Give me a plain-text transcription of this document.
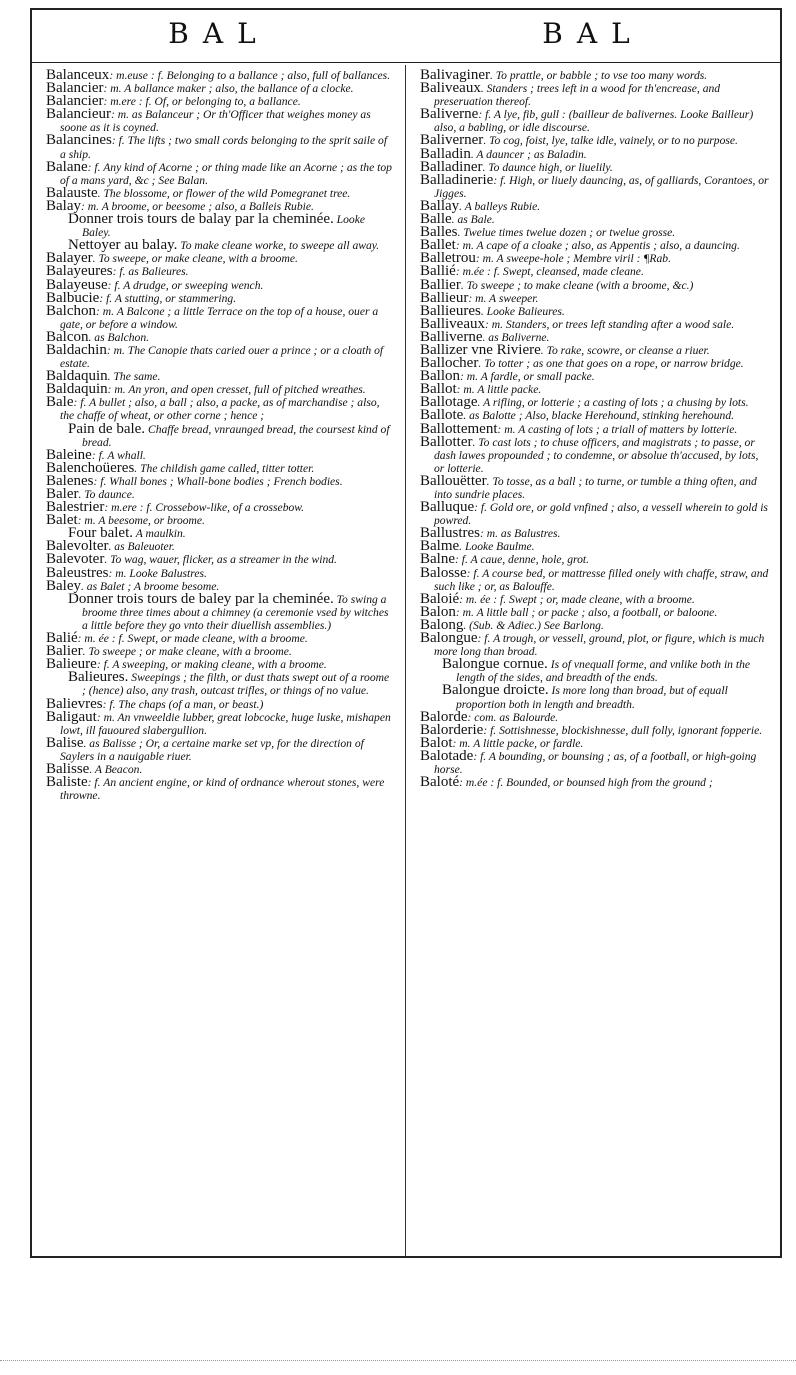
BAL	BAL

Balanceux: m.euse : f. Belonging to a ballance ; also, full of ballances.

Balancier: m. A ballance maker ; also, the ballance of a clocke.

Balancier: m.ere : f. Of, or belonging to, a ballance.

Balancieur: m. as Balanceur ; Or th'Officer that weighes money as soone as it is coyned.

Balancines: f. The lifts ; two small cords belonging to the sprit saile of a ship.

Balane: f. Any kind of Acorne ; or thing made like an Acorne ; as the top of a mans yard, &c ; See Balan.

Balauste. The blossome, or flower of the wild Pomegranet tree.

Balay: m. A broome, or beesome ; also, a Balleis Rubie.

Donner trois tours de balay par la cheminée. Looke Baley.

Nettoyer au balay. To make cleane worke, to sweepe all away.

Balayer. To sweepe, or make cleane, with a broome.

Balayeures: f. as Balieures.

Balayeuse: f. A drudge, or sweeping wench.

Balbucie: f. A stutting, or stammering.

Balchon: m. A Balcone ; a little Terrace on the top of a house, ouer a gate, or before a window.

Balcon. as Balchon.

Baldachin: m. The Canopie thats caried ouer a prince ; or a cloath of estate.

Baldaquin. The same.

Baldaquin: m. An yron, and open cresset, full of pitched wreathes.

Bale: f. A bullet ; also, a ball ; also, a packe, as of marchandise ; also, the chaffe of wheat, or other corne ; hence ;

Pain de bale. Chaffe bread, vnraunged bread, the coursest kind of bread.

Baleine: f. A whall.

Balenchoüeres. The childish game called, titter totter.

Balenes: f. Whall bones ; Whall-bone bodies ; French bodies.

Baler. To daunce.

Balestrier: m.ere : f. Crossebow-like, of a crossebow.

Balet: m. A beesome, or broome.

Four balet. A maulkin.

Balevolter. as Baleuoter.

Balevoter. To wag, wauer, flicker, as a streamer in the wind.

Baleustres: m. Looke Balustres.

Baley. as Balet ; A broome besome.

Donner trois tours de baley par la cheminée. To swing a broome three times about a chimney (a ceremonie vsed by witches a little before they go vnto their diuellish assemblies.)

Balié: m. ée : f. Swept, or made cleane, with a broome.

Balier. To sweepe ; or make cleane, with a broome.

Balieure: f. A sweeping, or making cleane, with a broome.

Balieures. Sweepings ; the filth, or dust thats swept out of a roome ; (hence) also, any trash, outcast trifles, or things of no value.

Balievres: f. The chaps (of a man, or beast.)

Baligaut: m. An vnweeldie lubber, great lobcocke, huge luske, mishapen lowt, ill fauoured slabergullion.

Balise. as Balisse ; Or, a certaine marke set vp, for the direction of Saylers in a nauigable riuer.

Balisse. A Beacon.

Baliste: f. An ancient engine, or kind of ordnance wherout stones, were throwne.

Balivaginer. To prattle, or babble ; to vse too many words.

Baliveaux. Standers ; trees left in a wood for th'encrease, and preseruation thereof.

Baliverne: f. A lye, fib, gull : (bailleur de balivernes. Looke Bailleur) also, a babling, or idle discourse.

Baliverner. To cog, foist, lye, talke idle, vainely, or to no purpose.

Balladin. A dauncer ; as Baladin.

Balladiner. To daunce high, or liuelily.

Balladinerie: f. High, or liuely dauncing, as, of galliards, Corantoes, or Jigges.

Ballay. A balleys Rubie.

Balle. as Bale.

Balles. Twelue times twelue dozen ; or twelue grosse.

Ballet: m. A cape of a cloake ; also, as Appentis ; also, a dauncing.

Balletrou: m. A sweepe-hole ; Membre viril : ¶Rab.

Ballié: m.ée : f. Swept, cleansed, made cleane.

Ballier. To sweepe ; to make cleane (with a broome, &c.)

Ballieur: m. A sweeper.

Ballieures. Looke Balieures.

Balliveaux: m. Standers, or trees left standing after a wood sale.

Balliverne. as Baliverne.

Ballizer vne Riviere. To rake, scowre, or cleanse a riuer.

Ballocher. To totter ; as one that goes on a rope, or narrow bridge.

Ballon: m. A fardle, or small packe.

Ballot: m. A little packe.

Ballotage. A rifling, or lotterie ; a casting of lots ; a chusing by lots.

Ballote. as Balotte ; Also, blacke Herehound, stinking herehound.

Ballottement: m. A casting of lots ; a triall of matters by lotterie.

Ballotter. To cast lots ; to chuse officers, and magistrats ; to passe, or dash lawes propounded ; to condemne, or absolue th'accused, by lots, or lotterie.

Ballouëtter. To tosse, as a ball ; to turne, or tumble a thing often, and into sundrie places.

Balluque: f. Gold ore, or gold vnfined ; also, a vessell wherein to gold is powred.

Ballustres: m. as Balustres.

Balme. Looke Baulme.

Balne: f. A caue, denne, hole, grot.

Balosse: f. A course bed, or mattresse filled onely with chaffe, straw, and such like ; or, as Balouffe.

Baloié: m. ée : f. Swept ; or, made cleane, with a broome.

Balon: m. A little ball ; or packe ; also, a football, or baloone.

Balong. (Sub. & Adiec.) See Barlong.

Balongue: f. A trough, or vessell, ground, plot, or figure, which is much more long than broad.

Balongue cornue. Is of vnequall forme, and vnlike both in the length of the sides, and breadth of the ends.

Balongue droicte. Is more long than broad, but of equall proportion both in length and breadth.

Balorde: com. as Balourde.

Balorderie: f. Sottishnesse, blockishnesse, dull folly, ignorant fopperie.

Balot: m. A little packe, or fardle.

Balotade: f. A bounding, or bounsing ; as, of a football, or high-going horse.

Baloté: m.ée : f. Bounded, or bounsed high from the ground ;
